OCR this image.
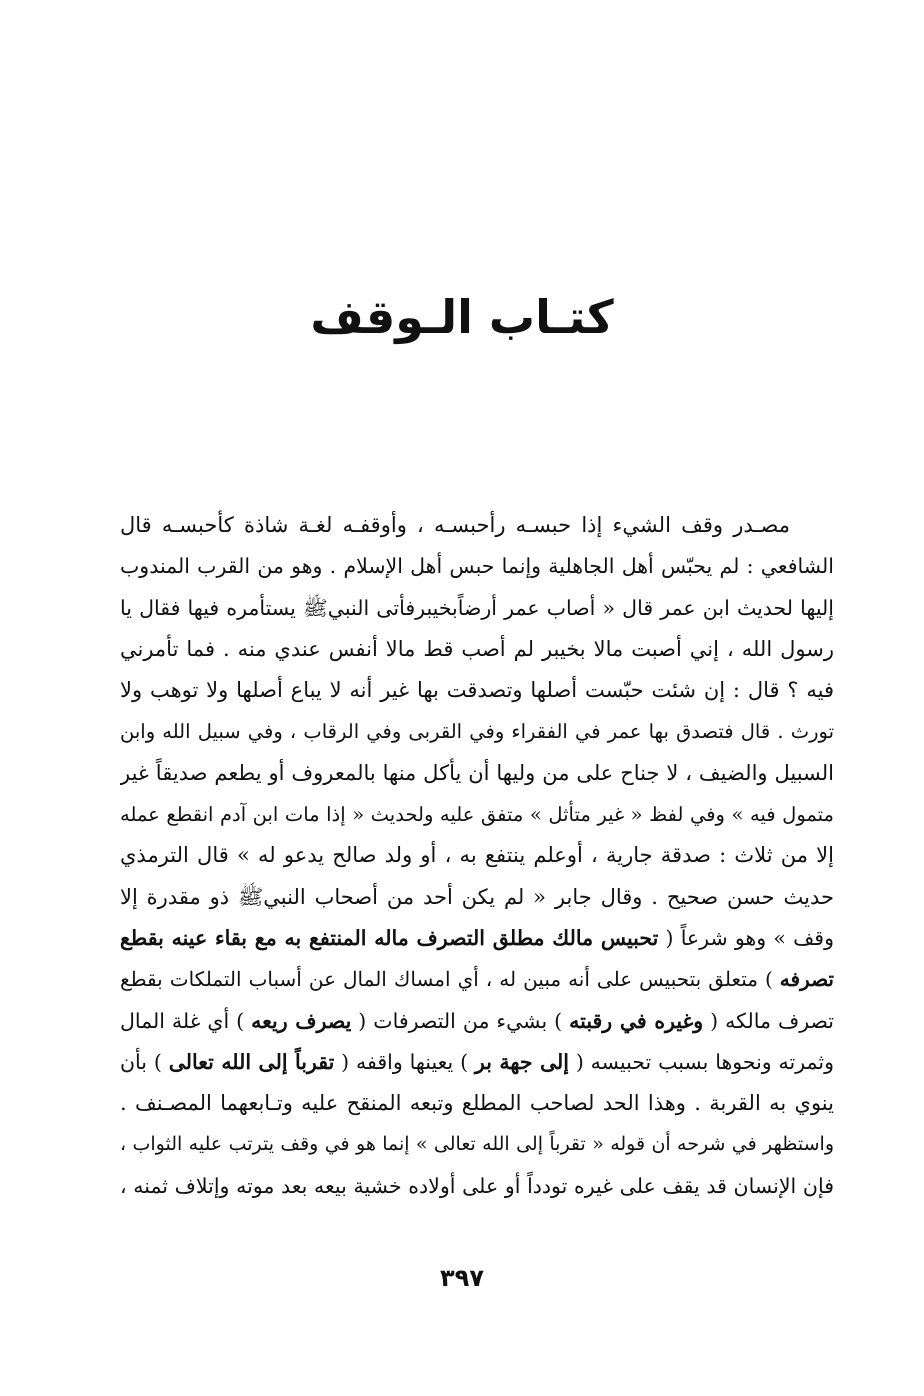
كتـاب الـوقف
مصـدر وقف الشيء إذا حبسـه رأحبسـه ، وأوقفـه لغـة شاذة كأحبسـه قال
الشافعي : لم يحبّس أهل الجاهلية وإنما حبس أهل الإسلام . وهو من القرب المندوب
إليها لحديث ابن عمر قال « أصاب عمر أرضاًبخيبرفأتى النبيﷺ يستأمره فيها فقال يا
رسول الله ، إني أصبت مالا بخيبر لم أصب قط مالا أنفس عندي منه . فما تأمرني
فيه ؟ قال : إن شئت حبّست أصلها وتصدقت بها غير أنه لا يباع أصلها ولا توهب ولا
تورث . قال فتصدق بها عمر في الفقراء وفي القربى وفي الرقاب ، وفي سبيل الله وابن
السبيل والضيف ، لا جناح على من وليها أن يأكل منها بالمعروف أو يطعم صديقاً غير
متمول فيه » وفي لفظ « غير متأثل » متفق عليه ولحديث « إذا مات ابن آدم انقطع عمله
إلا من ثلاث : صدقة جارية ، أوعلم ينتفع به ، أو ولد صالح يدعو له » قال الترمذي
حديث حسن صحيح . وقال جابر « لم يكن أحد من أصحاب النبيﷺ ذو مقدرة إلا
وقف » وهو شرعاً ( تحبيس مالك مطلق التصرف ماله المنتفع به مع بقاء عينه بقطع
تصرفه ) متعلق بتحبيس على أنه مبين له ، أي امساك المال عن أسباب التملكات بقطع
تصرف مالكه ( وغيره في رقبته ) بشيء من التصرفات ( يصرف ريعه ) أي غلة المال
وثمرته ونحوها بسبب تحبيسه ( إلى جهة بر ) يعينها واقفه ( تقرباً إلى الله تعالى ) بأن
ينوي به القربة . وهذا الحد لصاحب المطلع وتبعه المنقح عليه وتـابعهما المصـنف .
واستظهر في شرحه أن قوله « تقرباً إلى الله تعالى » إنما هو في وقف يترتب عليه الثواب ،
فإن الإنسان قد يقف على غيره تودداً أو على أولاده خشية بيعه بعد موته وإتلاف ثمنه ،
٣٩٧
